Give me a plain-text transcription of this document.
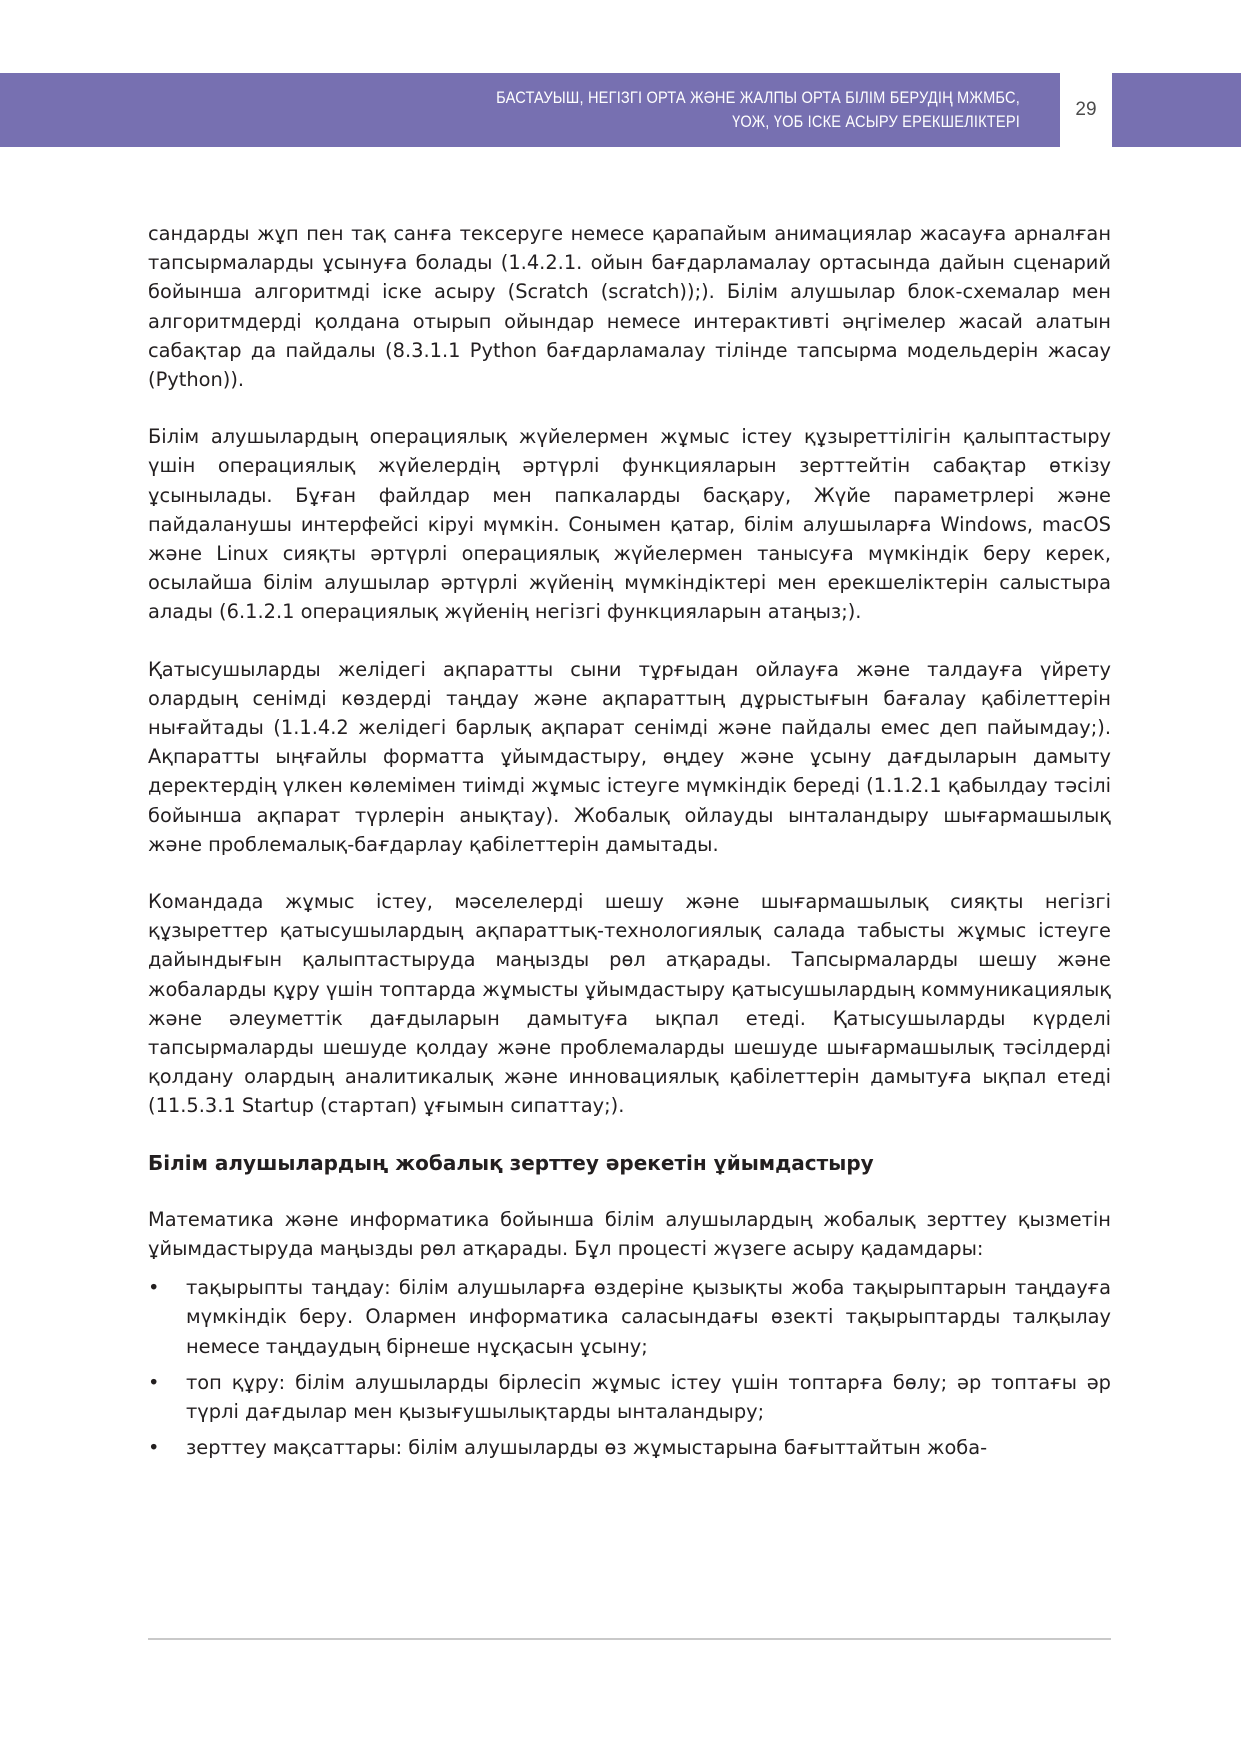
БАСТАУЫШ, НЕГІЗГІ ОРТА ЖӘНЕ ЖАЛПЫ ОРТА БІЛІМ БЕРУДІҢ МЖМБС,
ҮОЖ, ҮОБ ІСКЕ АСЫРУ ЕРЕКШЕЛІКТЕРІ
29

сандарды жұп пен тақ санға тексеруге немесе қарапайым анимациялар жасауға арналған тапсырмаларды ұсынуға болады (1.4.2.1. ойын бағдарламалау ортасында дайын сценарий бойынша алгоритмді іске асыру (Scratch (scratch));). Білім алушылар блок-схемалар мен алгоритмдерді қолдана отырып ойындар немесе интерактивті әңгімелер жасай алатын сабақтар да пайдалы (8.3.1.1 Python бағдарламалау тілінде тапсырма модельдерін жасау (Python)).

Білім алушылардың операциялық жүйелермен жұмыс істеу құзыреттілігін қалыптастыру үшін операциялық жүйелердің әртүрлі функцияларын зерттейтін сабақтар өткізу ұсынылады. Бұған файлдар мен папкаларды басқару, Жүйе параметрлері және пайдаланушы интерфейсі кіруі мүмкін. Сонымен қатар, білім алушыларға Windows, macOS және Linux сияқты әртүрлі операциялық жүйелермен танысуға мүмкіндік беру керек, осылайша білім алушылар әртүрлі жүйенің мүмкіндіктері мен ерекшеліктерін салыстыра алады (6.1.2.1 операциялық жүйенің негізгі функцияларын атаңыз;).

Қатысушыларды желідегі ақпаратты сыни тұрғыдан ойлауға және талдауға үйрету олардың сенімді көздерді таңдау және ақпараттың дұрыстығын бағалау қабілеттерін нығайтады (1.1.4.2 желідегі барлық ақпарат сенімді және пайдалы емес деп пайымдау;). Ақпаратты ыңғайлы форматта ұйымдастыру, өңдеу және ұсыну дағдыларын дамыту деректердің үлкен көлемімен тиімді жұмыс істеуге мүмкіндік береді (1.1.2.1 қабылдау тәсілі бойынша ақпарат түрлерін анықтау). Жобалық ойлауды ынталандыру шығармашылық және проблемалық-бағдарлау қабілеттерін дамытады.

Командада жұмыс істеу, мәселелерді шешу және шығармашылық сияқты негізгі құзыреттер қатысушылардың ақпараттық-технологиялық салада табысты жұмыс істеуге дайындығын қалыптастыруда маңызды рөл атқарады. Тапсырмаларды шешу және жобаларды құру үшін топтарда жұмысты ұйымдастыру қатысушылардың коммуникациялық және әлеуметтік дағдыларын дамытуға ықпал етеді. Қатысушыларды күрделі тапсырмаларды шешуде қолдау және проблемаларды шешуде шығармашылық тәсілдерді қолдану олардың аналитикалық және инновациялық қабілеттерін дамытуға ықпал етеді (11.5.3.1 Startup (стартап) ұғымын сипаттау;).

Білім алушылардың жобалық зерттеу әрекетін ұйымдастыру

Математика және информатика бойынша білім алушылардың жобалық зерттеу қызметін ұйымдастыруда маңызды рөл атқарады. Бұл процесті жүзеге асыру қадамдары:

• тақырыпты таңдау: білім алушыларға өздеріне қызықты жоба тақырыптарын таңдауға мүмкіндік беру. Олармен информатика саласындағы өзекті тақырыптарды талқылау немесе таңдаудың бірнеше нұсқасын ұсыну;
• топ құру: білім алушыларды бірлесіп жұмыс істеу үшін топтарға бөлу; әр топтағы әр түрлі дағдылар мен қызығушылықтарды ынталандыру;
• зерттеу мақсаттары: білім алушыларды өз жұмыстарына бағыттайтын жоба-
